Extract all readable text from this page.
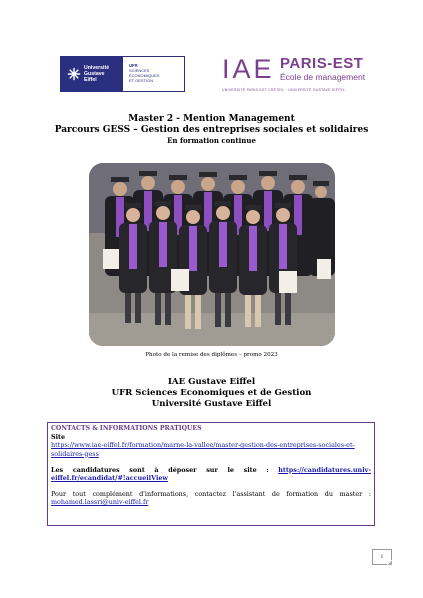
Université
Gustave
Eiffel
UFR
SCIENCES
ÉCONOMIQUES
ET GESTION	IAE PARIS-EST
École de management
UNIVERSITÉ PARIS-EST CRÉTEIL · UNIVERSITÉ GUSTAVE EIFFEL
Master 2 - Mention Management
Parcours GESS – Gestion des entreprises sociales et solidaires
En formation continue
Photo de la remise des diplômes – promo 2023
IAE Gustave Eiffel
UFR Sciences Economiques et de Gestion
Université Gustave Eiffel
CONTACTS & INFORMATIONS PRATIQUES
Site
https://www.iae-eiffel.fr/formation/marne-la-vallee/master-gestion-des-entreprises-sociales-et-solidaires-gess
Les candidatures sont à déposer sur le site : https://candidatures.univ-eiffel.fr/ecandidat/#!accueilView
Pour tout complément d'informations, contactez l'assistant de formation du master : mohamed.lassri@univ-eiffel.fr
1
